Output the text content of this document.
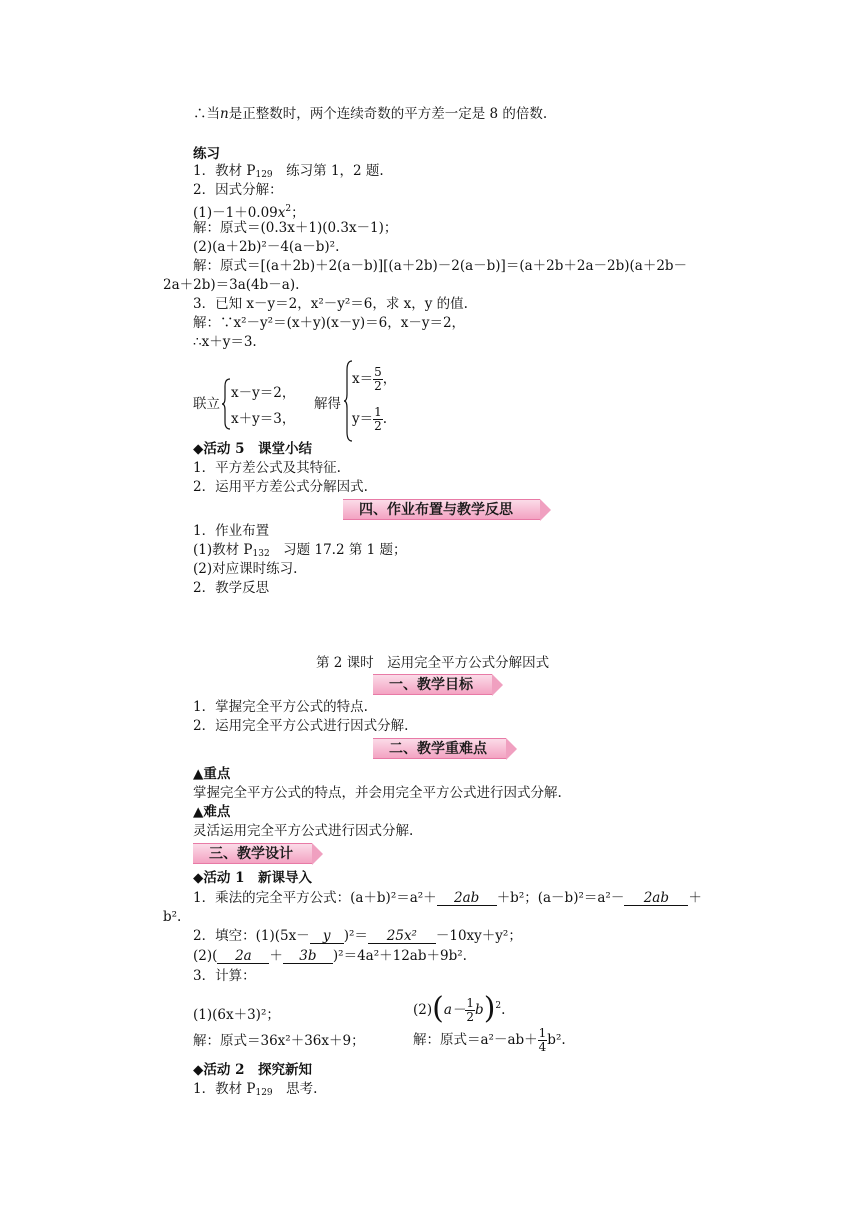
∴当n是正整数时，两个连续奇数的平方差一定是 8 的倍数.
练习
1．教材 $P_{129}$　练习第 1，2 题.
2．因式分解：
$(1)-1+0.09x^2$；
解：原式＝(0.3x＋1)(0.3x－1)；
(2)(a＋2b)²－4(a－b)².
解：原式＝[(a＋2b)＋2(a－b)][(a＋2b)－2(a－b)]＝(a＋2b＋2a－2b)(a＋2b－
2a＋2b)＝3a(4b－a).
3．已知 x－y＝2，x²－y²＝6，求 x，y 的值.
解：∵x²－y²＝(x＋y)(x－y)＝6，x－y＝2，
∴x＋y＝3.
联立
x－y＝2，
x＋y＝3，
解得
$x= \frac{5}{2}$ ，
$y= \frac{1}{2}$ .
◆活动 5　课堂小结
1．平方差公式及其特征.
2．运用平方差公式分解因式.
四、作业布置与教学反思
1．作业布置
(1)教材 $P_{132}$　习题 17.2 第 1 题；
(2)对应课时练习.
2．教学反思
第 2 课时　运用完全平方公式分解因式
一、教学目标
1．掌握完全平方公式的特点.
2．运用完全平方公式进行因式分解.
二、教学重难点
▲重点
掌握完全平方公式的特点，并会用完全平方公式进行因式分解.
▲难点
灵活运用完全平方公式进行因式分解.
三、教学设计
◆活动 1　新课导入
1．乘法的完全平方公式：(a＋b)²＝a²＋ 2ab ＋b²；(a－b)²＝a²－ 2ab ＋
b².
2．填空：(1)(5x－ y )²＝ 25x² －10xy＋y²；
(2)( 2a ＋ 3b )²＝4a²＋12ab＋9b².
3．计算：
(1)(6x＋3)²；	$(2)(a- \frac{1}{2} b)^2$.
解：原式＝36x²＋36x＋9；	解：原式$=a^2-ab+ \frac{1}{4} b^2$.
◆活动 2　探究新知
1．教材 $P_{129}$　思考.
